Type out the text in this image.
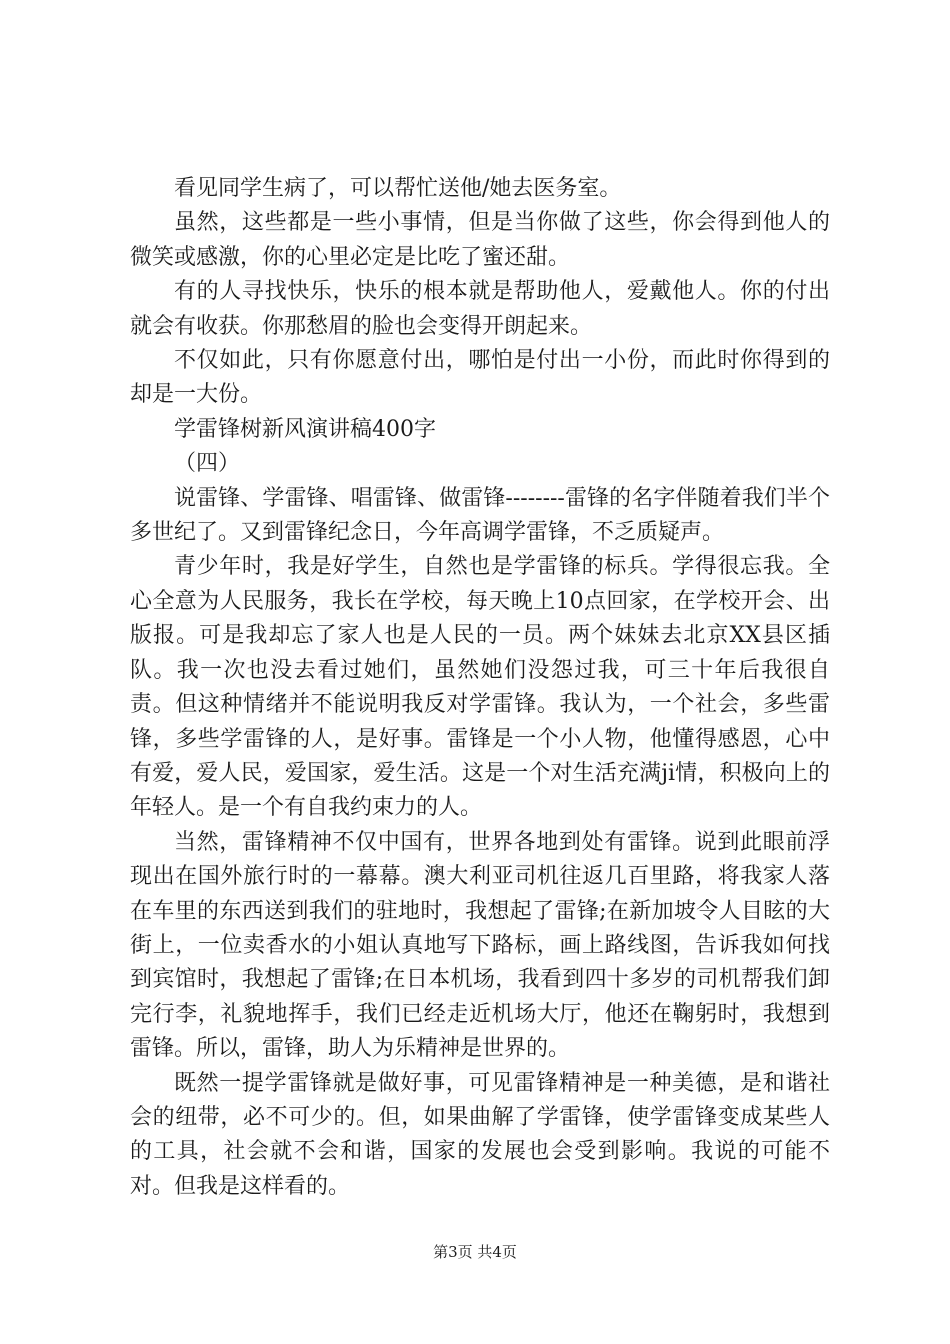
看见同学生病了，可以帮忙送他/她去医务室。

虽然，这些都是一些小事情，但是当你做了这些，你会得到他人的微笑或感激，你的心里必定是比吃了蜜还甜。

有的人寻找快乐，快乐的根本就是帮助他人，爱戴他人。你的付出就会有收获。你那愁眉的脸也会变得开朗起来。

不仅如此，只有你愿意付出，哪怕是付出一小份，而此时你得到的却是一大份。

学雷锋树新风演讲稿400字

（四）

说雷锋、学雷锋、唱雷锋、做雷锋--------雷锋的名字伴随着我们半个多世纪了。又到雷锋纪念日，今年高调学雷锋，不乏质疑声。

青少年时，我是好学生，自然也是学雷锋的标兵。学得很忘我。全心全意为人民服务，我长在学校，每天晚上10点回家，在学校开会、出版报。可是我却忘了家人也是人民的一员。两个妹妹去北京XX县区插队。我一次也没去看过她们，虽然她们没怨过我，可三十年后我很自责。但这种情绪并不能说明我反对学雷锋。我认为，一个社会，多些雷锋，多些学雷锋的人，是好事。雷锋是一个小人物，他懂得感恩，心中有爱，爱人民，爱国家，爱生活。这是一个对生活充满ji情，积极向上的年轻人。是一个有自我约束力的人。

当然，雷锋精神不仅中国有，世界各地到处有雷锋。说到此眼前浮现出在国外旅行时的一幕幕。澳大利亚司机往返几百里路，将我家人落在车里的东西送到我们的驻地时，我想起了雷锋;在新加坡令人目眩的大街上，一位卖香水的小姐认真地写下路标，画上路线图，告诉我如何找到宾馆时，我想起了雷锋;在日本机场，我看到四十多岁的司机帮我们卸完行李，礼貌地挥手，我们已经走近机场大厅，他还在鞠躬时，我想到雷锋。所以，雷锋，助人为乐精神是世界的。

既然一提学雷锋就是做好事，可见雷锋精神是一种美德，是和谐社会的纽带，必不可少的。但，如果曲解了学雷锋，使学雷锋变成某些人的工具，社会就不会和谐，国家的发展也会受到影响。我说的可能不对。但我是这样看的。

第3页 共4页
